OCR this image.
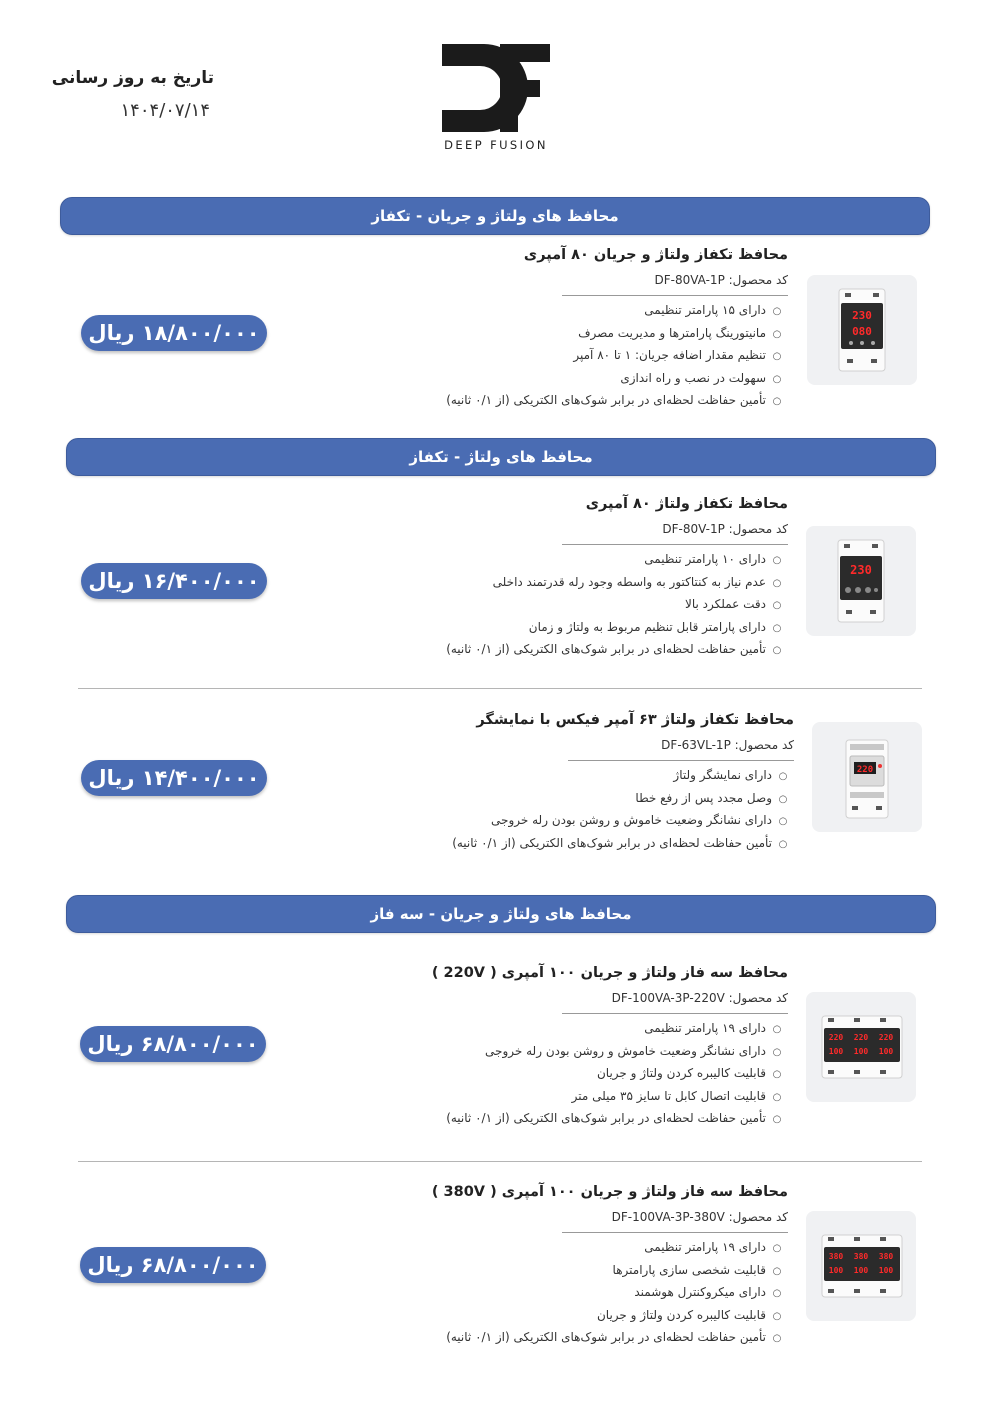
تاریخ به روز رسانی
۱۴۰۴/۰۷/۱۴
DEEP FUSION
محافظ های ولتاژ و جریان - تکفاز
محافظ تکفاز ولتاژ و جریان ۸۰ آمپری
کد محصول: DF-80VA-1P
○دارای ۱۵ پارامتر تنظیمی
○مانیتورینگ پارامترها و مدیریت مصرف
○تنظیم مقدار اضافه جریان: ۱ تا ۸۰ آمپر
○سهولت در نصب و راه اندازی
○تأمین حفاظت لحظه‌ای در برابر شوک‌های الکتریکی (از ۰/۱ ثانیه)
230
080
۱۸/۸۰۰/۰۰۰ ریال
محافظ های ولتاژ - تکفاز
محافظ تکفاز ولتاژ ۸۰ آمپری
کد محصول: DF-80V-1P
○دارای ۱۰ پارامتر تنظیمی
○عدم نیاز به کنتاکتور به واسطه وجود رله قدرتمند داخلی
○دقت عملکرد بالا
○دارای پارامتر قابل تنظیم مربوط به ولتاژ و زمان
○تأمین حفاظت لحظه‌ای در برابر شوک‌های الکتریکی (از ۰/۱ ثانیه)
230
۱۶/۴۰۰/۰۰۰ ریال
محافظ تکفاز ولتاژ ۶۳ آمپر فیکس با نمایشگر
کد محصول: DF-63VL-1P
○دارای نمایشگر ولتاژ
○وصل مجدد پس از رفع خطا
○دارای نشانگر وضعیت خاموش و روشن بودن رله خروجی
○تأمین حفاظت لحظه‌ای در برابر شوک‌های الکتریکی (از ۰/۱ ثانیه)
220
۱۴/۴۰۰/۰۰۰ ریال
محافظ های ولتاژ و جریان - سه فاز
محافظ سه فاز ولتاژ و جریان ۱۰۰ آمپری ( 220V )
کد محصول: DF-100VA-3P-220V
○دارای ۱۹ پارامتر تنظیمی
○دارای نشانگر وضعیت خاموش و روشن بودن رله خروجی
○قابلیت کالیبره کردن ولتاژ و جریان
○قابلیت اتصال کابل تا سایز ۳۵ میلی متر
○تأمین حفاظت لحظه‌ای در برابر شوک‌های الکتریکی (از ۰/۱ ثانیه)
220 220 220
100 100 100
۶۸/۸۰۰/۰۰۰ ریال
محافظ سه فاز ولتاژ و جریان ۱۰۰ آمپری ( 380V )
کد محصول: DF-100VA-3P-380V
○دارای ۱۹ پارامتر تنظیمی
○قابلیت شخصی سازی پارامترها
○دارای میکروکنترل هوشمند
○قابلیت کالیبره کردن ولتاژ و جریان
○تأمین حفاظت لحظه‌ای در برابر شوک‌های الکتریکی (از ۰/۱ ثانیه)
380 380 380
100 100 100
۶۸/۸۰۰/۰۰۰ ریال
